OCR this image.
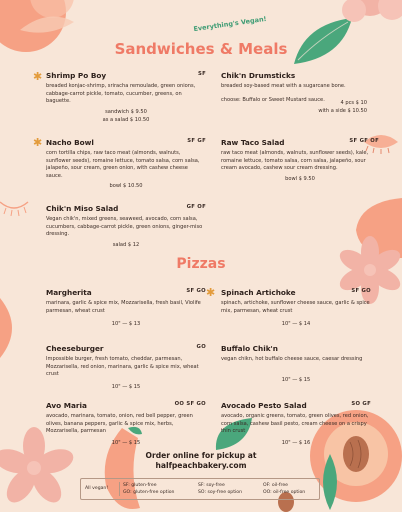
Everything's Vegan!
Sandwiches & Meals
Pizzas
✱ Shrimp Po Boy	SF
breaded konjac-shrimp, sriracha remoulade, green onions, cabbage-carrot pickle, tomato, cucumber, greens, on baguette.
sandwich $ 9.50
as a salad $ 10.50
Chik'n Drumsticks
breaded soy-based meat with a sugarcane bone.
choose: Buffalo or Sweet Mustard sauce.
4 pcs $ 10
with a side $ 10.50
✱ Nacho Bowl	SF GF
corn tortilla chips, raw taco meat (almonds, walnuts, sunflower seeds), romaine lettuce, tomato salsa, corn salsa, jalapeño, sour cream, green onion, with cashew cheese sauce.
bowl $ 10.50
Raw Taco Salad	SF GF OF
raw taco meat (almonds, walnuts, sunflower seeds), kale, romaine lettuce, tomato salsa, corn salsa, jalapeño, sour cream avocado, cashew sour cream dressing.
bowl $ 9.50
Chik'n Miso Salad	GF OF
Vegan chik'n, mixed greens, seaweed, avocado, corn salsa, cucumbers, cabbage-carrot pickle, green onions, ginger-miso dressing.
salad $ 12
Margherita	SF GO
marinara, garlic & spice mix, Mozzarisella, fresh basil, Violife parmesan, wheat crust
10" — $ 13
✱ Spinach Artichoke	SF GO
spinach, artichoke, sunflower cheese sauce, garlic & spice mix, parmesan, wheat crust
10" — $ 14
Cheeseburger	GO
Impossible burger, fresh tomato, cheddar, parmesan, Mozzarisella, red onion, marinara, garlic & spice mix, wheat crust
10" — $ 15
Buffalo Chik'n
vegan chikn, hot buffalo cheese sauce, caesar dressing
10" — $ 15
Avo Maria	OO SF GO
avocado, marinara, tomato, onion, red bell pepper, green olives, banana peppers, garlic & spice mix, herbs, Mozzarisella, parmesan
10" — $ 15
Avocado Pesto Salad	SO GF
avocado, organic greens, tomato, green olives, red onion, corn salsa, cashew basil pesto, cream cheese on a crispy thin crust
10" — $ 16
Order online for pickup at
halfpeachbakery.com
All vegan!
SF: gluten-free
GO: gluten-free option
SF: soy-free
SO: soy-free option
OF: oil-free
OO: oil-free option
